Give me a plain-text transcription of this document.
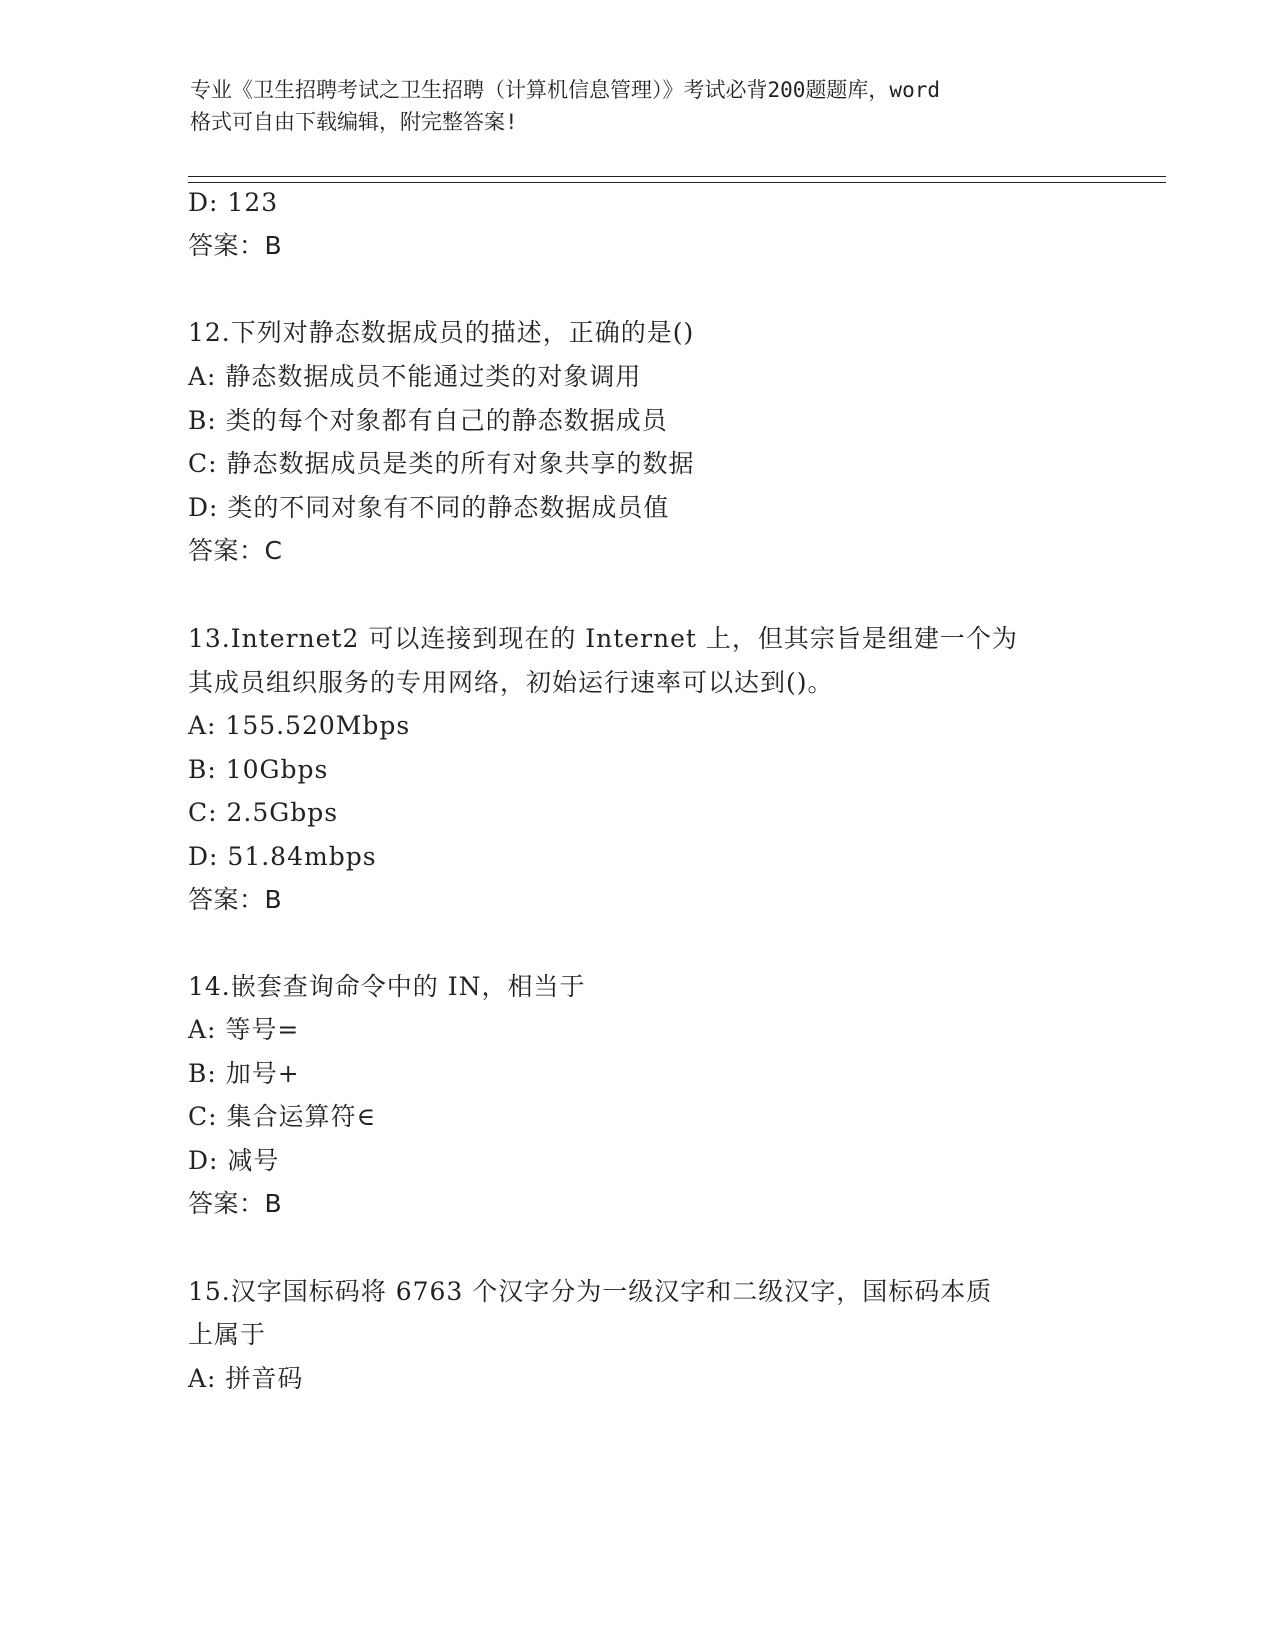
专业《卫生招聘考试之卫生招聘（计算机信息管理）》考试必背200题题库，word
格式可自由下载编辑，附完整答案!
D: 123
答案：B
12.下列对静态数据成员的描述，正确的是()
A: 静态数据成员不能通过类的对象调用
B: 类的每个对象都有自己的静态数据成员
C: 静态数据成员是类的所有对象共享的数据
D: 类的不同对象有不同的静态数据成员值
答案：C
13.Internet2 可以连接到现在的 Internet 上，但其宗旨是组建一个为
其成员组织服务的专用网络，初始运行速率可以达到()。
A: 155.520Mbps
B: 10Gbps
C: 2.5Gbps
D: 51.84mbps
答案：B
14.嵌套查询命令中的 IN，相当于
A: 等号=
B: 加号+
C: 集合运算符∈
D: 减号
答案：B
15.汉字国标码将 6763 个汉字分为一级汉字和二级汉字，国标码本质
上属于
A: 拼音码
